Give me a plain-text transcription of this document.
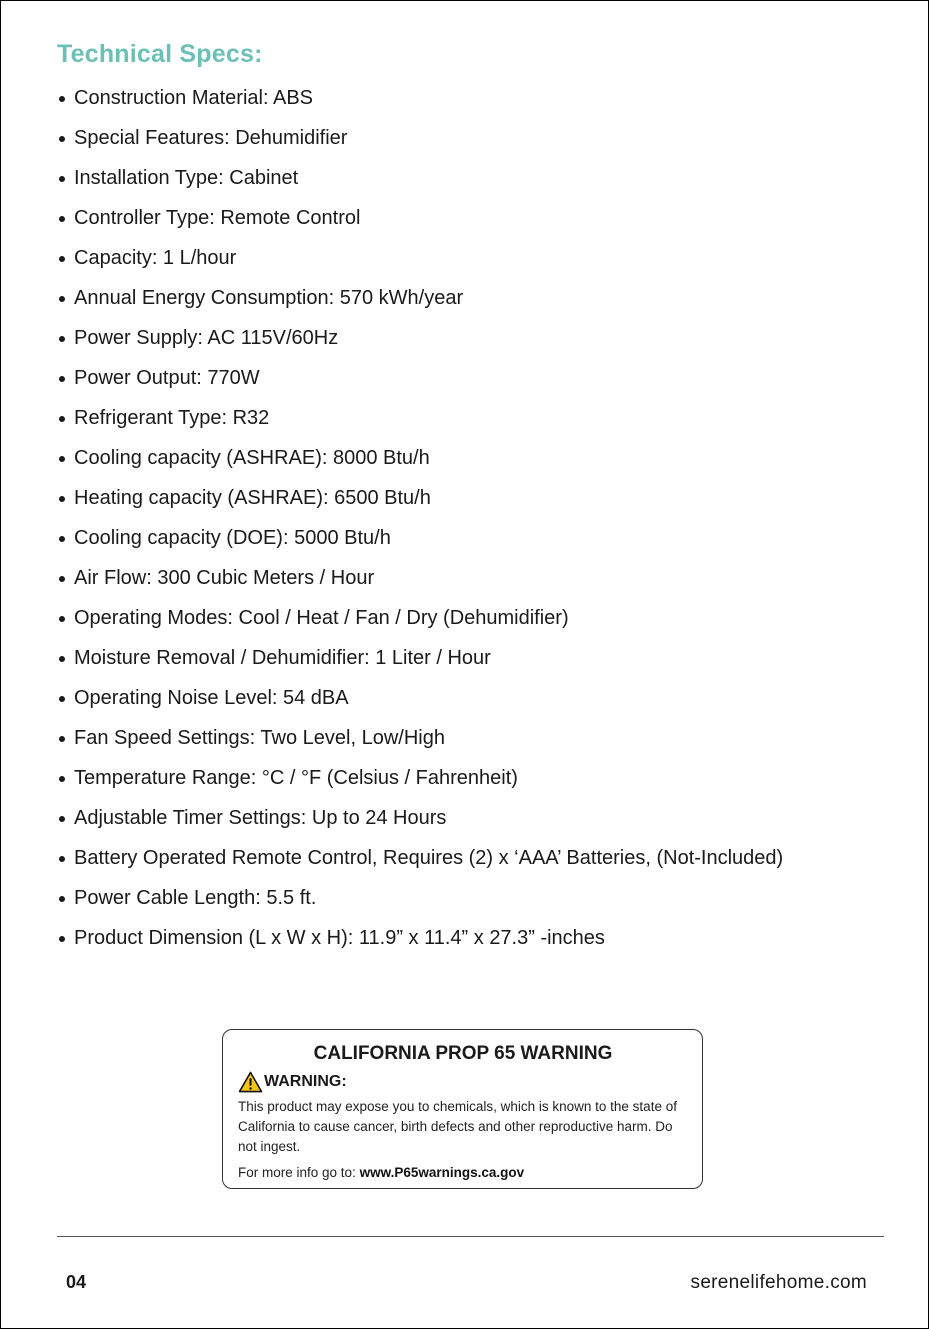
Technical Specs:
Construction Material: ABS
Special Features: Dehumidifier
Installation Type: Cabinet
Controller Type: Remote Control
Capacity: 1 L/hour
Annual Energy Consumption: 570 kWh/year
Power Supply: AC 115V/60Hz
Power Output: 770W
Refrigerant Type: R32
Cooling capacity (ASHRAE): 8000 Btu/h
Heating capacity (ASHRAE): 6500 Btu/h
Cooling capacity (DOE): 5000 Btu/h
Air Flow: 300 Cubic Meters / Hour
Operating Modes: Cool / Heat / Fan / Dry (Dehumidifier)
Moisture Removal / Dehumidifier: 1 Liter / Hour
Operating Noise Level: 54 dBA
Fan Speed Settings: Two Level, Low/High
Temperature Range: °C / °F (Celsius / Fahrenheit)
Adjustable Timer Settings: Up to 24 Hours
Battery Operated Remote Control, Requires (2) x ‘AAA’ Batteries, (Not-Included)
Power Cable Length: 5.5 ft.
Product Dimension (L x W x H): 11.9” x 11.4” x 27.3” -inches
CALIFORNIA PROP 65 WARNING
WARNING:

This product may expose you to chemicals, which is known to the state of California to cause cancer, birth defects and other reproductive harm. Do not ingest.

For more info go to: www.P65warnings.ca.gov

04	serenelifehome.com
